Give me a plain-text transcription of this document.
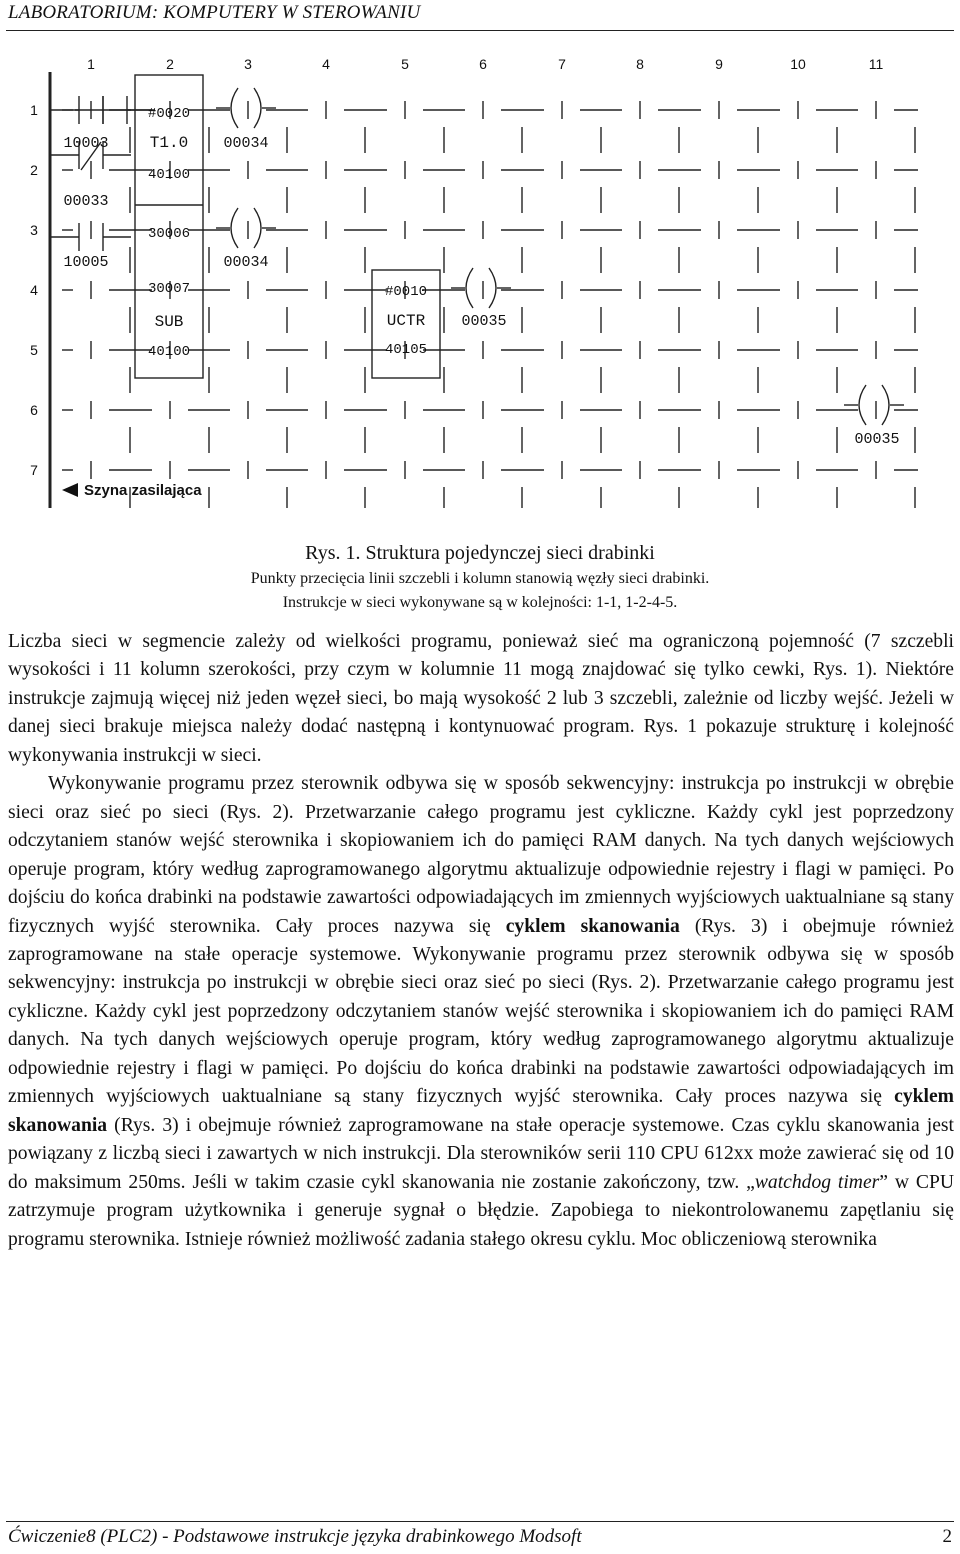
LABORATORIUM: KOMPUTERY W STEROWANIU
1	2	3	4	5	6	7	8	9	10	11
1
2
3
4
5
6
7
10003
00033
10005
#0020
T1.0
40100
30006
30007
SUB
40100
#0010
UCTR
40105
00034
00034
00035
00035
Szyna zasilająca
Rys. 1. Struktura pojedynczej sieci drabinki
Punkty przecięcia linii szczebli i kolumn stanowią węzły sieci drabinki.
Instrukcje w sieci wykonywane są w kolejności: 1-1, 1-2-4-5.

Liczba sieci w segmencie zależy od wielkości programu, ponieważ sieć ma ograniczoną pojemność (7 szczebli wysokości i 11 kolumn szerokości, przy czym w kolumnie 11 mogą znajdować się tylko cewki, Rys. 1). Niektóre instrukcje zajmują więcej niż jeden węzeł sieci, bo mają wysokość 2 lub 3 szczebli, zależnie od liczby wejść. Jeżeli w danej sieci brakuje miejsca należy dodać następną i kontynuować program. Rys. 1 pokazuje strukturę i kolejność wykonywania instrukcji w sieci.

Wykonywanie programu przez sterownik odbywa się w sposób sekwencyjny: instrukcja po instrukcji w obrębie sieci oraz sieć po sieci (Rys. 2). Przetwarzanie całego programu jest cykliczne. Każdy cykl jest poprzedzony odczytaniem stanów wejść sterownika i skopiowaniem ich do pamięci RAM danych. Na tych danych wejściowych operuje program, który według zaprogramowanego algorytmu aktualizuje odpowiednie rejestry i flagi w pamięci. Po dojściu do końca drabinki na podstawie zawartości odpowiadających im zmiennych wyjściowych uaktualniane są stany fizycznych wyjść sterownika. Cały proces nazywa się cyklem skanowania (Rys. 3) i obejmuje również zaprogramowane na stałe operacje systemowe. Wykonywanie programu przez sterownik odbywa się w sposób sekwencyjny: instrukcja po instrukcji w obrębie sieci oraz sieć po sieci (Rys. 2). Przetwarzanie całego programu jest cykliczne. Każdy cykl jest poprzedzony odczytaniem stanów wejść sterownika i skopiowaniem ich do pamięci RAM danych. Na tych danych wejściowych operuje program, który według zaprogramowanego algorytmu aktualizuje odpowiednie rejestry i flagi w pamięci. Po dojściu do końca drabinki na podstawie zawartości odpowiadających im zmiennych wyjściowych uaktualniane są stany fizycznych wyjść sterownika. Cały proces nazywa się cyklem skanowania (Rys. 3) i obejmuje również zaprogramowane na stałe operacje systemowe. Czas cyklu skanowania jest powiązany z liczbą sieci i zawartych w nich instrukcji. Dla sterowników serii 110 CPU 612xx może zawierać się od 10 do maksimum 250ms. Jeśli w takim czasie cykl skanowania nie zostanie zakończony, tzw. „watchdog timer” w CPU zatrzymuje program użytkownika i generuje sygnał o błędzie. Zapobiega to niekontrolowanemu zapętlaniu się programu sterownika. Istnieje również możliwość zadania stałego okresu cyklu. Moc obliczeniową sterownika

Ćwiczenie8 (PLC2) - Podstawowe instrukcje języka drabinkowego Modsoft	2
